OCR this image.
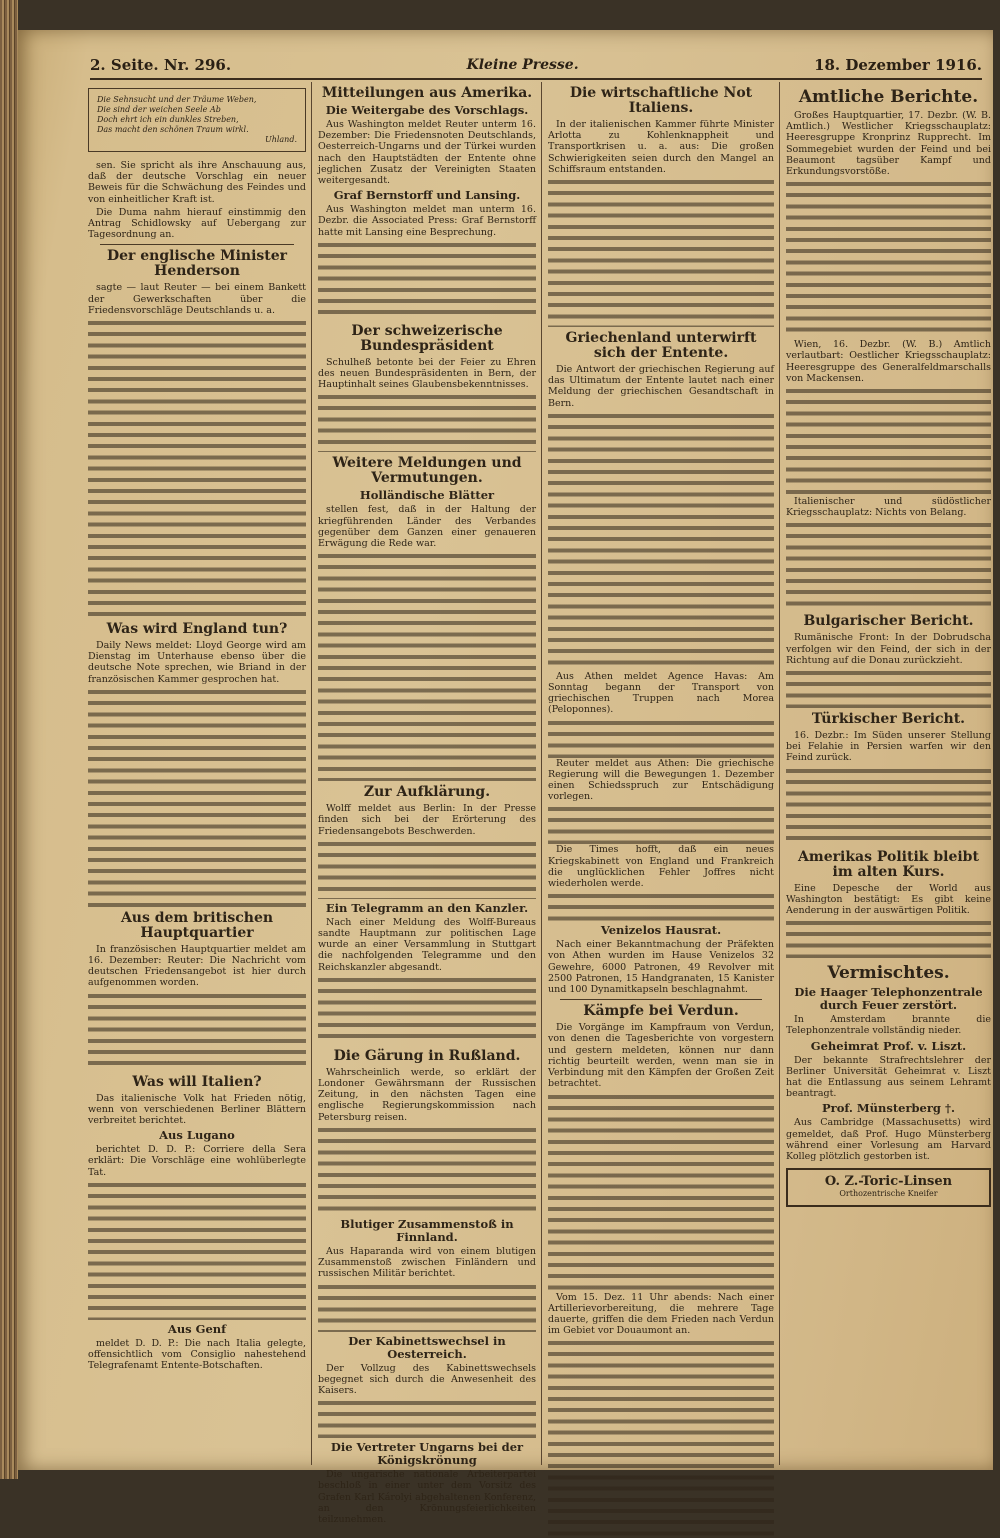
2. Seite. Nr. 296.	Kleine Presse.	18. Dezember 1916.
Die Sehnsucht und der Träume Weben,
Die sind der weichen Seele Ab
Doch ehrt ich ein dunkles Streben,
Das macht den schönen Traum wirkl.
Uhland.

sen. Sie spricht als ihre Anschauung aus, daß der deutsche Vorschlag ein neuer Beweis für die Schwächung des Feindes und von einheitlicher Kraft ist.

Die Duma nahm hierauf einstimmig den Antrag Schidlowsky auf Uebergang zur Tagesordnung an.

Der englische Minister Henderson

sagte — laut Reuter — bei einem Bankett der Gewerkschaften über die Friedensvorschläge Deutschlands u. a.

Was wird England tun?

Daily News meldet: Lloyd George wird am Dienstag im Unterhause ebenso über die deutsche Note sprechen, wie Briand in der französischen Kammer gesprochen hat.

Aus dem britischen Hauptquartier

In französischen Hauptquartier meldet am 16. Dezember: Reuter: Die Nachricht vom deutschen Friedensangebot ist hier durch aufgenommen worden.

Was will Italien?

Das italienische Volk hat Frieden nötig, wenn von verschiedenen Berliner Blättern verbreitet berichtet.

Aus Lugano

berichtet D. D. P.: Corriere della Sera erklärt: Die Vorschläge eine wohlüberlegte Tat.

Aus Genf

meldet D. D. P.: Die nach Italia gelegte, offensichtlich vom Consiglio nahestehend Telegrafenamt Entente-Botschaften.

Mitteilungen aus Amerika.
Die Weitergabe des Vorschlags.

Aus Washington meldet Reuter unterm 16. Dezember: Die Friedensnoten Deutschlands, Oesterreich-Ungarns und der Türkei wurden nach den Hauptstädten der Entente ohne jeglichen Zusatz der Vereinigten Staaten weitergesandt.

Graf Bernstorff und Lansing.

Aus Washington meldet man unterm 16. Dezbr. die Associated Press: Graf Bernstorff hatte mit Lansing eine Besprechung.

Der schweizerische Bundespräsident

Schulheß betonte bei der Feier zu Ehren des neuen Bundespräsidenten in Bern, der Hauptinhalt seines Glaubensbekenntnisses.

Weitere Meldungen und Vermutungen.
Holländische Blätter

stellen fest, daß in der Haltung der kriegführenden Länder des Verbandes gegenüber dem Ganzen einer genaueren Erwägung die Rede war.

Zur Aufklärung.

Wolff meldet aus Berlin: In der Presse finden sich bei der Erörterung des Friedensangebots Beschwerden.

Ein Telegramm an den Kanzler.

Nach einer Meldung des Wolff-Bureaus sandte Hauptmann zur politischen Lage wurde an einer Versammlung in Stuttgart die nachfolgenden Telegramme und den Reichskanzler abgesandt.

Die Gärung in Rußland.

Wahrscheinlich werde, so erklärt der Londoner Gewährsmann der Russischen Zeitung, in den nächsten Tagen eine englische Regierungskommission nach Petersburg reisen.

Blutiger Zusammenstoß in Finnland.

Aus Haparanda wird von einem blutigen Zusammenstoß zwischen Finländern und russischen Militär berichtet.

Der Kabinettswechsel in Oesterreich.

Der Vollzug des Kabinettswechsels begegnet sich durch die Anwesenheit des Kaisers.

Die Vertreter Ungarns bei der Königskrönung

Die ungarische nationale Arbeiterpartei beschloß in einer unter dem Vorsitz des Grafen Karl Károlyi abgehaltenen Konferenz, an den Krönungsfeierlichkeiten teilzunehmen.

Die wirtschaftliche Not Italiens.

In der italienischen Kammer führte Minister Arlotta zu Kohlenknappheit und Transportkrisen u. a. aus: Die großen Schwierigkeiten seien durch den Mangel an Schiffsraum entstanden.

Griechenland unterwirft sich der Entente.

Die Antwort der griechischen Regierung auf das Ultimatum der Entente lautet nach einer Meldung der griechischen Gesandtschaft in Bern.

Aus Athen meldet Agence Havas: Am Sonntag begann der Transport von griechischen Truppen nach Morea (Peloponnes).

Reuter meldet aus Athen: Die griechische Regierung will die Bewegungen 1. Dezember einen Schiedsspruch zur Entschädigung vorlegen.

Die Times hofft, daß ein neues Kriegskabinett von England und Frankreich die unglücklichen Fehler Joffres nicht wiederholen werde.

Venizelos Hausrat.

Nach einer Bekanntmachung der Präfekten von Athen wurden im Hause Venizelos 32 Gewehre, 6000 Patronen, 49 Revolver mit 2500 Patronen, 15 Handgranaten, 15 Kanister und 100 Dynamitkapseln beschlagnahmt.

Kämpfe bei Verdun.

Die Vorgänge im Kampfraum von Verdun, von denen die Tagesberichte von vorgestern und gestern meldeten, können nur dann richtig beurteilt werden, wenn man sie in Verbindung mit den Kämpfen der Großen Zeit betrachtet.

Vom 15. Dez. 11 Uhr abends: Nach einer Artillerievorbereitung, die mehrere Tage dauerte, griffen die dem Frieden nach Verdun im Gebiet vor Douaumont an.

Amtliche Berichte.

Großes Hauptquartier, 17. Dezbr. (W. B. Amtlich.) Westlicher Kriegsschauplatz: Heeresgruppe Kronprinz Rupprecht. Im Sommegebiet wurden der Feind und bei Beaumont tagsüber Kampf und Erkundungsvorstöße.

Wien, 16. Dezbr. (W. B.) Amtlich verlautbart: Oestlicher Kriegsschauplatz: Heeresgruppe des Generalfeldmarschalls von Mackensen.

Italienischer und südöstlicher Kriegsschauplatz: Nichts von Belang.

Bulgarischer Bericht.

Rumänische Front: In der Dobrudscha verfolgen wir den Feind, der sich in der Richtung auf die Donau zurückzieht.

Türkischer Bericht.

16. Dezbr.: Im Süden unserer Stellung bei Felahie in Persien warfen wir den Feind zurück.

Amerikas Politik bleibt im alten Kurs.

Eine Depesche der World aus Washington bestätigt: Es gibt keine Aenderung in der auswärtigen Politik.

Vermischtes.
Die Haager Telephonzentrale durch Feuer zerstört.

In Amsterdam brannte die Telephonzentrale vollständig nieder.

Geheimrat Prof. v. Liszt.

Der bekannte Strafrechtslehrer der Berliner Universität Geheimrat v. Liszt hat die Entlassung aus seinem Lehramt beantragt.

Prof. Münsterberg †.

Aus Cambridge (Massachusetts) wird gemeldet, daß Prof. Hugo Münsterberg während einer Vorlesung am Harvard Kolleg plötzlich gestorben ist.

O. Z.-Toric-Linsen
Orthozentrische Kneifer
